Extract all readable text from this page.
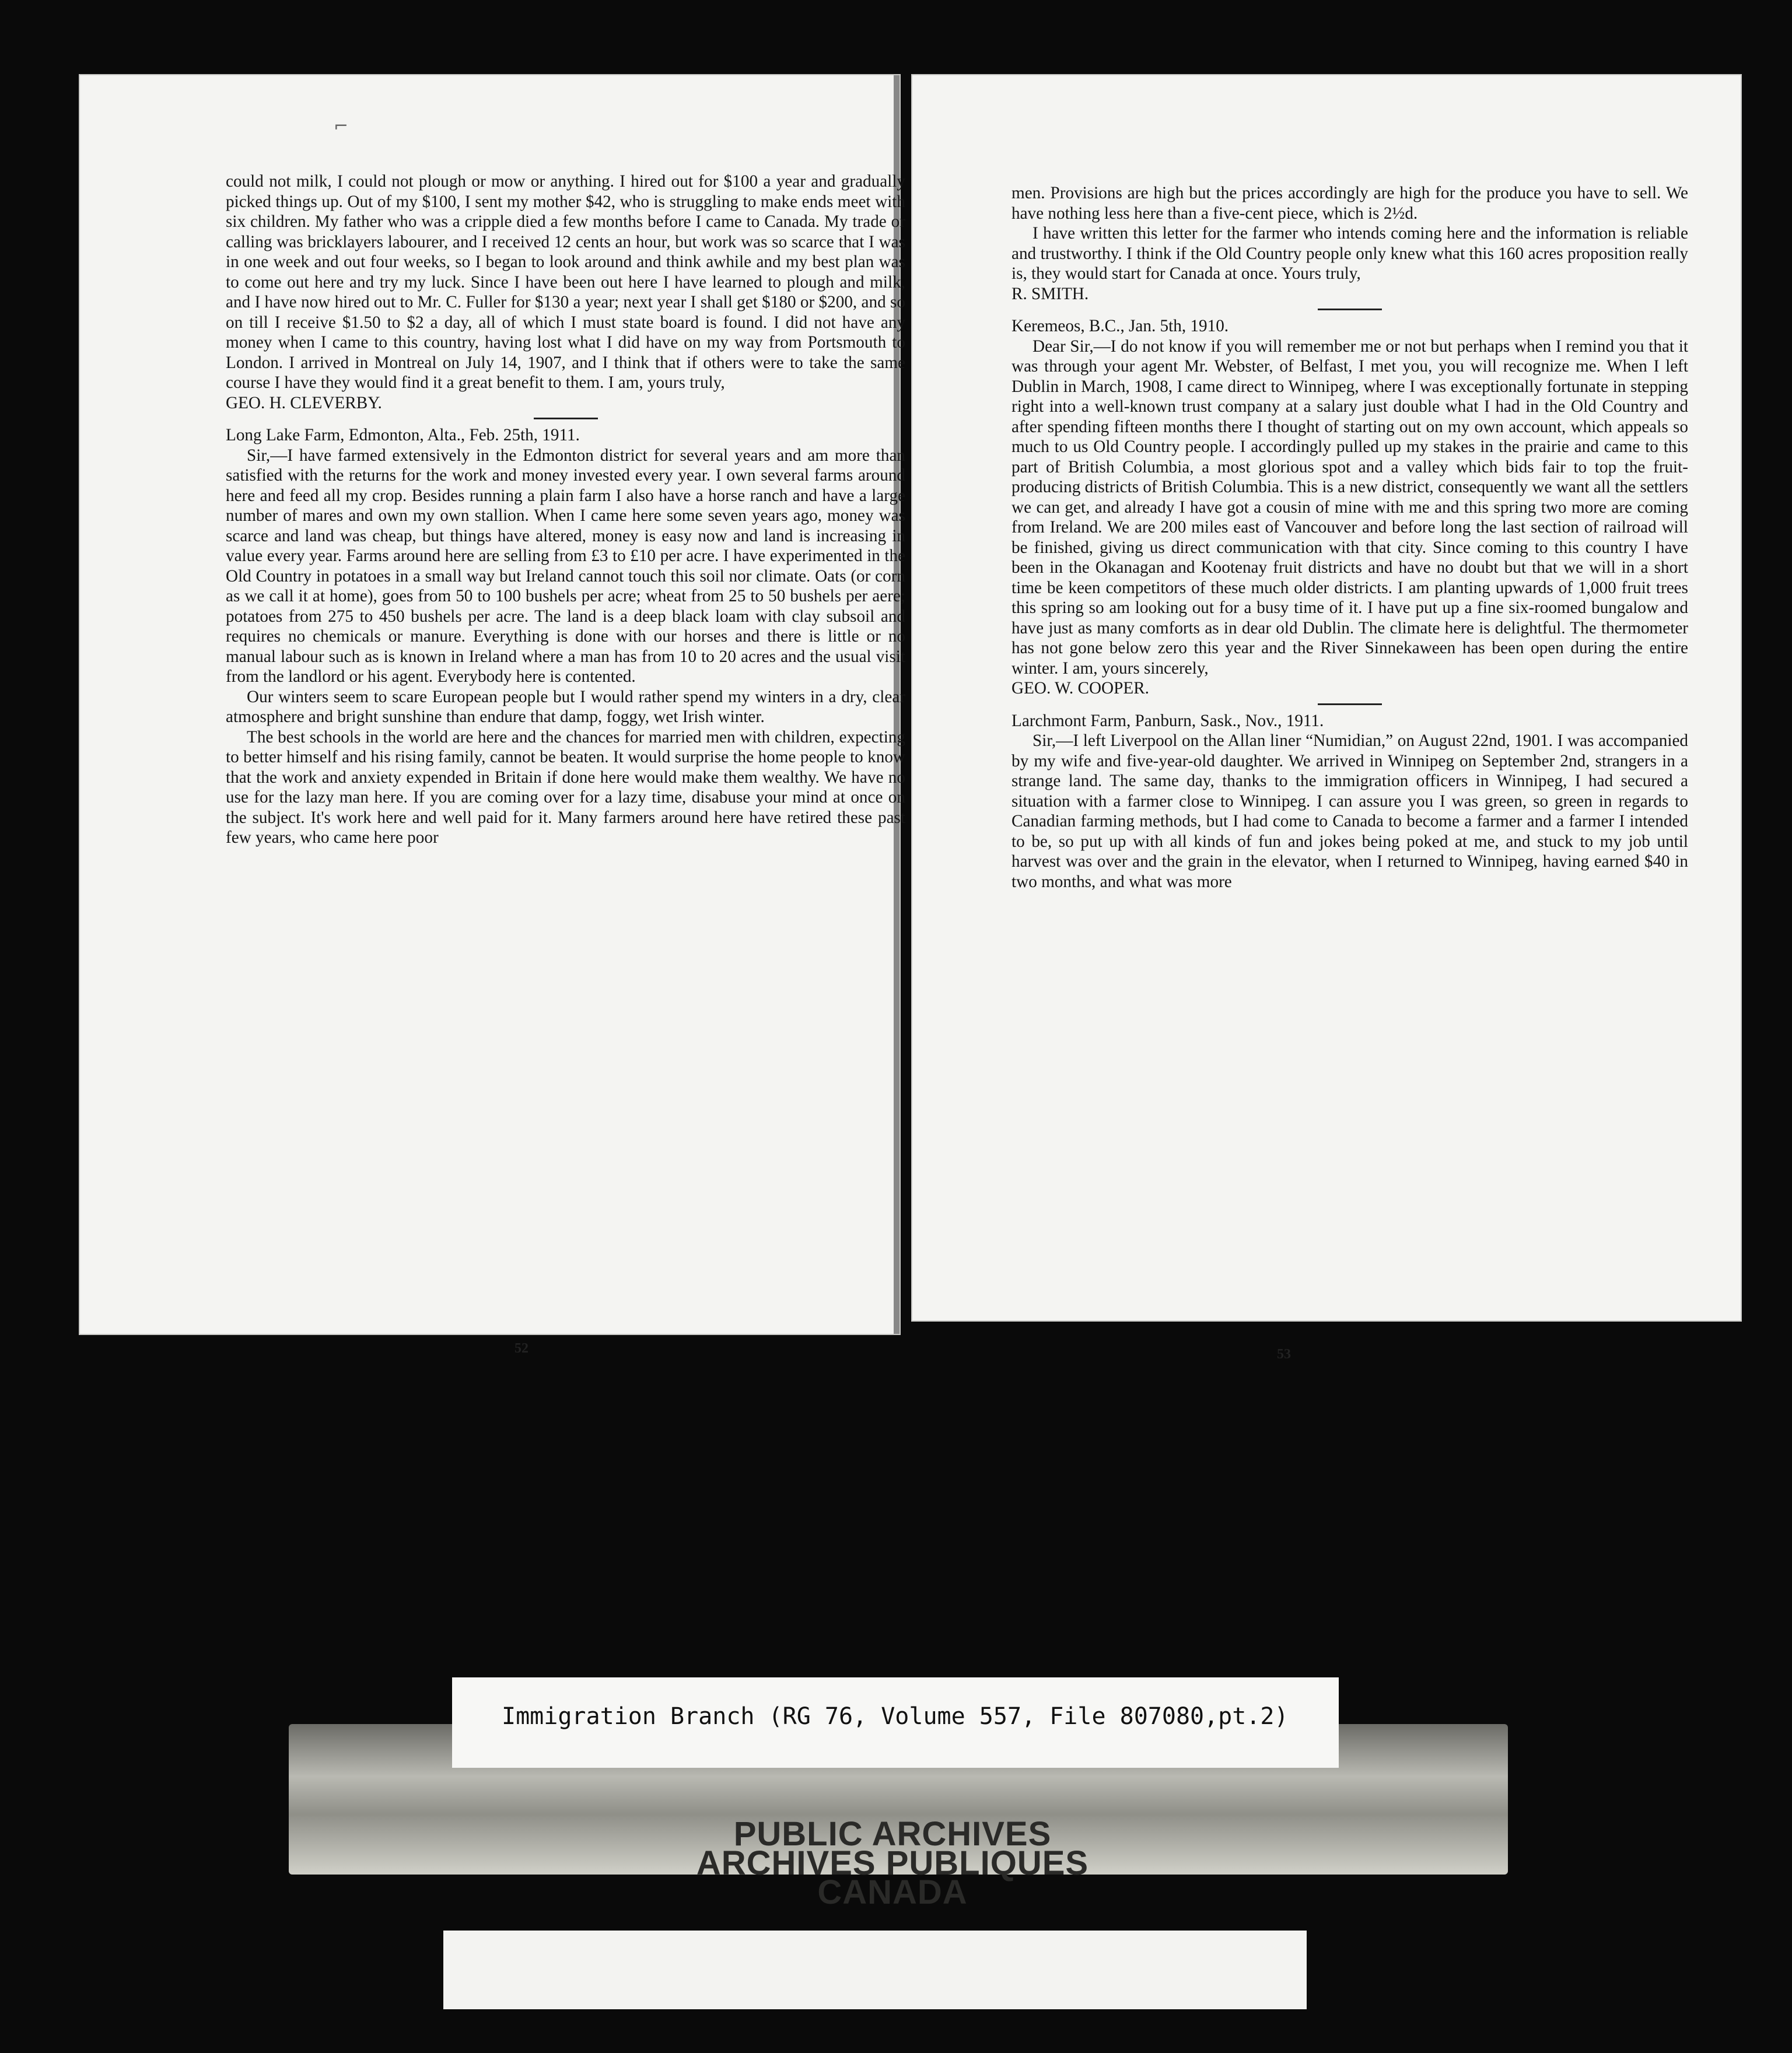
⌐

could not milk, I could not plough or mow or anything. I hired out for $100 a year and gradually picked things up. Out of my $100, I sent my mother $42, who is struggling to make ends meet with six children. My father who was a cripple died a few months before I came to Canada. My trade or calling was bricklayers labourer, and I received 12 cents an hour, but work was so scarce that I was in one week and out four weeks, so I began to look around and think awhile and my best plan was to come out here and try my luck. Since I have been out here I have learned to plough and milk, and I have now hired out to Mr. C. Fuller for $130 a year; next year I shall get $180 or $200, and so on till I receive $1.50 to $2 a day, all of which I must state board is found. I did not have any money when I came to this country, having lost what I did have on my way from Portsmouth to London. I arrived in Montreal on July 14, 1907, and I think that if others were to take the same course I have they would find it a great benefit to them. I am, yours truly,

GEO. H. CLEVERBY.

Long Lake Farm, Edmonton, Alta., Feb. 25th, 1911.

Sir,—I have farmed extensively in the Edmonton district for several years and am more than satisfied with the returns for the work and money invested every year. I own several farms around here and feed all my crop. Besides running a plain farm I also have a horse ranch and have a large number of mares and own my own stallion. When I came here some seven years ago, money was scarce and land was cheap, but things have altered, money is easy now and land is increasing in value every year. Farms around here are selling from £3 to £10 per acre. I have experimented in the Old Country in potatoes in a small way but Ireland cannot touch this soil nor climate. Oats (or corn as we call it at home), goes from 50 to 100 bushels per acre; wheat from 25 to 50 bushels per aere; potatoes from 275 to 450 bushels per acre. The land is a deep black loam with clay subsoil and requires no chemicals or manure. Everything is done with our horses and there is little or no manual labour such as is known in Ireland where a man has from 10 to 20 acres and the usual visit from the landlord or his agent. Everybody here is contented.

Our winters seem to scare European people but I would rather spend my winters in a dry, clear atmosphere and bright sunshine than endure that damp, foggy, wet Irish winter.

The best schools in the world are here and the chances for married men with children, expecting to better himself and his rising family, cannot be beaten. It would surprise the home people to know that the work and anxiety expended in Britain if done here would make them wealthy. We have no use for the lazy man here. If you are coming over for a lazy time, disabuse your mind at once on the subject. It's work here and well paid for it. Many farmers around here have retired these past few years, who came here poor

52

men. Provisions are high but the prices accordingly are high for the produce you have to sell. We have nothing less here than a five-cent piece, which is 2½d.

I have written this letter for the farmer who intends coming here and the information is reliable and trustworthy. I think if the Old Country people only knew what this 160 acres proposition really is, they would start for Canada at once. Yours truly,

R. SMITH.

Keremeos, B.C., Jan. 5th, 1910.

Dear Sir,—I do not know if you will remember me or not but perhaps when I remind you that it was through your agent Mr. Webster, of Belfast, I met you, you will recognize me. When I left Dublin in March, 1908, I came direct to Winnipeg, where I was exceptionally fortunate in stepping right into a well-known trust company at a salary just double what I had in the Old Country and after spending fifteen months there I thought of starting out on my own account, which appeals so much to us Old Country people. I accordingly pulled up my stakes in the prairie and came to this part of British Columbia, a most glorious spot and a valley which bids fair to top the fruit-producing districts of British Columbia. This is a new district, consequently we want all the settlers we can get, and already I have got a cousin of mine with me and this spring two more are coming from Ireland. We are 200 miles east of Vancouver and before long the last section of railroad will be finished, giving us direct communication with that city. Since coming to this country I have been in the Okanagan and Kootenay fruit districts and have no doubt but that we will in a short time be keen competitors of these much older districts. I am planting upwards of 1,000 fruit trees this spring so am looking out for a busy time of it. I have put up a fine six-roomed bungalow and have just as many comforts as in dear old Dublin. The climate here is delightful. The thermometer has not gone below zero this year and the River Sinnekaween has been open during the entire winter. I am, yours sincerely,

GEO. W. COOPER.

Larchmont Farm, Panburn, Sask., Nov., 1911.

Sir,—I left Liverpool on the Allan liner “Numidian,” on August 22nd, 1901. I was accompanied by my wife and five-year-old daughter. We arrived in Winnipeg on September 2nd, strangers in a strange land. The same day, thanks to the immigration officers in Winnipeg, I had secured a situation with a farmer close to Winnipeg. I can assure you I was green, so green in regards to Canadian farming methods, but I had come to Canada to become a farmer and a farmer I intended to be, so put up with all kinds of fun and jokes being poked at me, and stuck to my job until harvest was over and the grain in the elevator, when I returned to Winnipeg, having earned $40 in two months, and what was more

53
Immigration Branch (RG 76, Volume 557, File 807080,pt.2)
PUBLIC ARCHIVES
ARCHIVES PUBLIQUES
CANADA
